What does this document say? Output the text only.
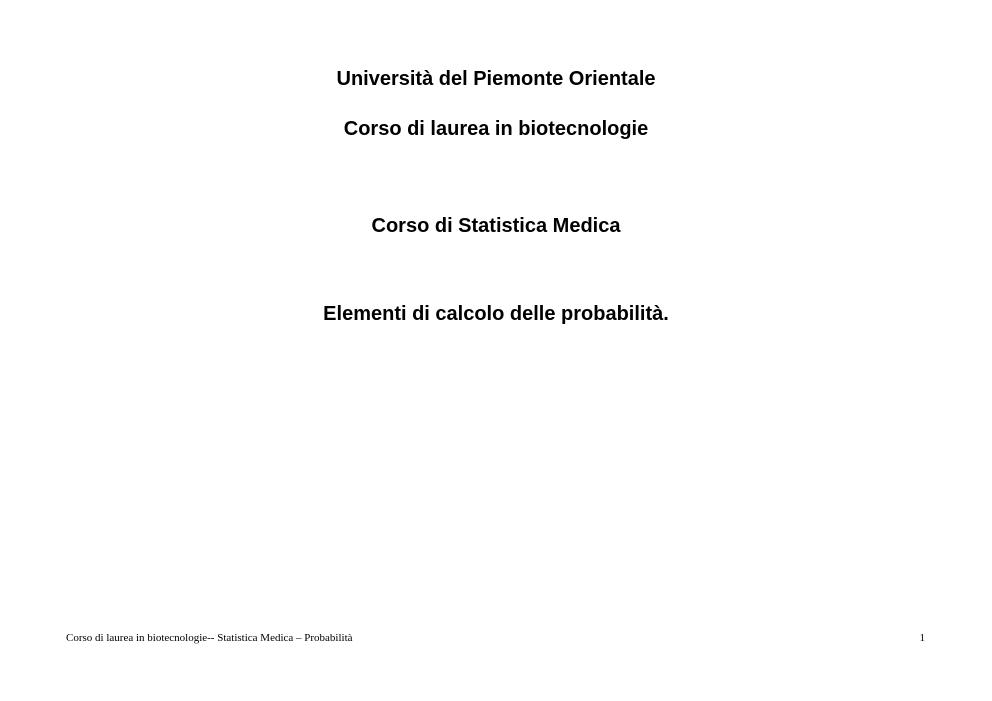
Università del Piemonte Orientale
Corso di laurea in biotecnologie
Corso di Statistica Medica
Elementi di calcolo delle probabilità.
Corso di laurea in biotecnologie-- Statistica Medica – Probabilità	1
